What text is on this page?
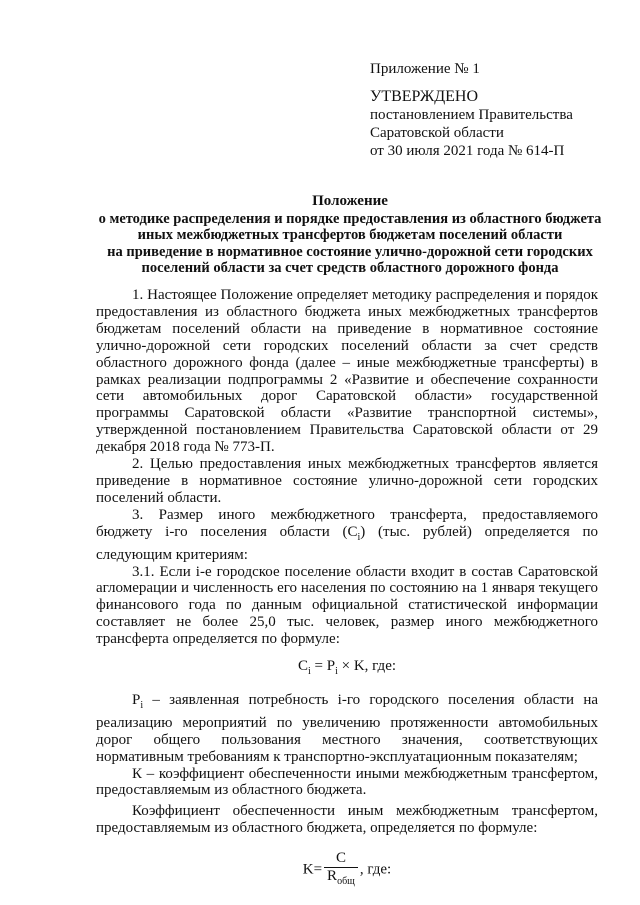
Приложение № 1
УТВЕРЖДЕНО
постановлением Правительства
Саратовской области
от 30 июля 2021 года № 614-П
Положение
о методике распределения и порядке предоставления из областного бюджета
иных межбюджетных трансфертов бюджетам поселений области
на приведение в нормативное состояние улично-дорожной сети городских
поселений области за счет средств областного дорожного фонда

1. Настоящее Положение определяет методику распределения и порядок предоставления из областного бюджета иных межбюджетных трансфертов бюджетам поселений области на приведение в нормативное состояние улично-дорожной сети городских поселений области за счет средств областного дорожного фонда (далее – иные межбюджетные трансферты) в рамках реализации подпрограммы 2 «Развитие и обеспечение сохранности сети автомобильных дорог Саратовской области» государственной программы Саратовской области «Развитие транспортной системы», утвержденной постановлением Правительства Саратовской области от 29 декабря 2018 года № 773-П.

2. Целью предоставления иных межбюджетных трансфертов является приведение в нормативное состояние улично-дорожной сети городских поселений области.

3. Размер иного межбюджетного трансферта, предоставляемого бюджету i-го поселения области $(C_i)$ (тыс. рублей) определяется по следующим критериям:

3.1. Если i-е городское поселение области входит в состав Саратовской агломерации и численность его населения по состоянию на 1 января текущего финансового года по данным официальной статистической информации составляет не более 25,0 тыс. человек, размер иного межбюджетного трансферта определяется по формуле:

$C_i = P_i \times K$, где:

$P_i$ – заявленная потребность i-го городского поселения области на реализацию мероприятий по увеличению протяженности автомобильных дорог общего пользования местного значения, соответствующих нормативным требованиям к транспортно-эксплуатационным показателям;

К – коэффициент обеспеченности иными межбюджетным трансфертом, предоставляемым из областного бюджета.

Коэффициент обеспеченности иным межбюджетным трансфертом, предоставляемым из областного бюджета, определяется по формуле:

$K= \frac{C}{R_{общ}}$ , где:
